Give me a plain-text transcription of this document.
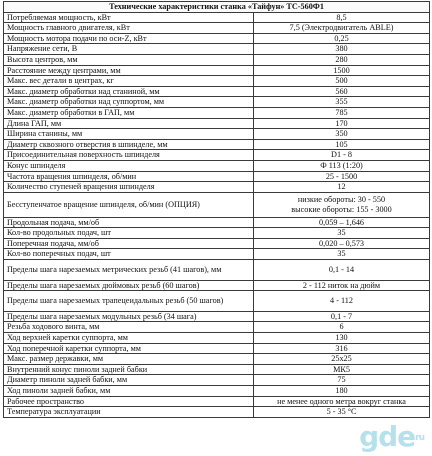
Технические характеристики станка «Тайфун» ТС-560Ф1	
Потребляемая мощность, кВт	8,5
Мощность главного двигателя, кВт	7,5 (Электродвигатель ABLE)
Мощность мотора подачи по оси-Z, кВт	0,25
Напряжение сети, В	380
Высота центров, мм	280
Расстояние между центрами, мм	1500
Макс. вес детали в центрах, кг	500
Макс. диаметр обработки над станиной, мм	560
Макс. диаметр обработки над суппортом, мм	355
Макс. диаметр обработки в ГАП, мм	785
Длина ГАП, мм	170
Ширина станины, мм	350
Диаметр сквозного отверстия в шпинделе, мм	105
Присоединительная поверхность шпинделя	D1 - 8
Конус шпинделя	Ф 113 (1:20)
Частота вращения шпинделя, об/мин	25 - 1500
Количество ступеней вращения шпинделя	12
Бесступенчатое вращение шпинделя, об/мин (ОПЦИЯ)	низкие обороты: 30 - 550
высокие обороты: 155 - 3000
Продольная подача, мм/об	0,059 – 1,646
Кол-во продольных подач, шт	35
Поперечная подача, мм/об	0,020 – 0,573
Кол-во поперечных подач, шт	35
Пределы шага нарезаемых метрических резьб (41 шагов), мм	0,1 - 14
Пределы шага нарезаемых дюймовых резьб (60 шагов)	2 - 112 ниток на дюйм
Пределы шага нарезаемых трапецеидальных резьб (50 шагов)	4 - 112
Пределы шага нарезаемых модульных резьб (34 шага)	0,1 - 7
Резьба ходового винта, мм	6
Ход верхней каретки суппорта, мм	130
Ход поперечной каретки суппорта, мм	316
Макс. размер державки, мм	25x25
Внутренний конус пиноли задней бабки	МК5
Диаметр пиноли задней бабки, мм	75
Ход пиноли задней бабки, мм	180
Рабочее пространство	не менее одного метра вокруг станка
Температура эксплуатации	5 - 35 °С
gderu
